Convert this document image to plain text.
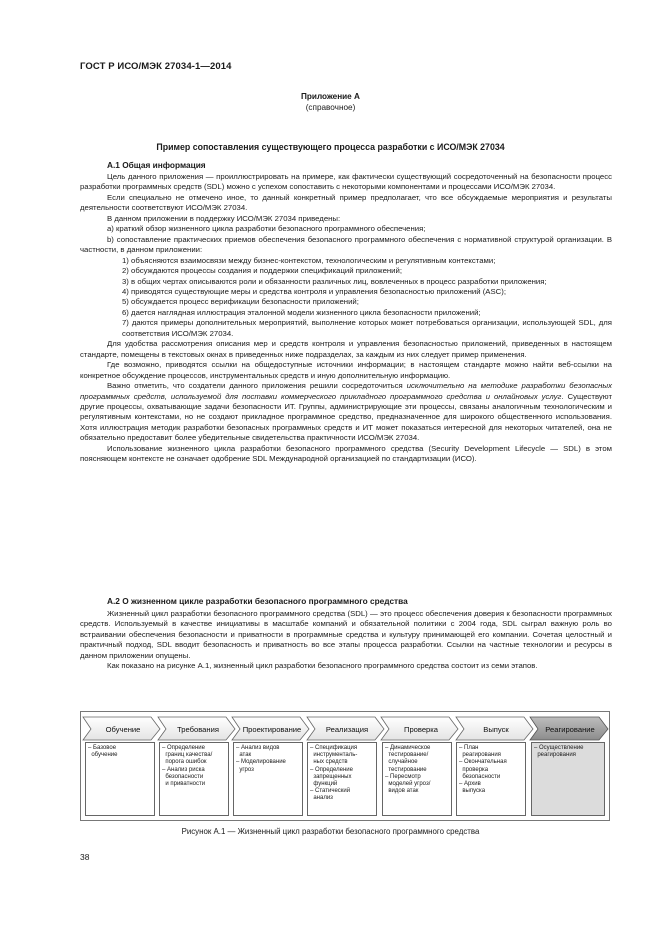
ГОСТ Р ИСО/МЭК 27034-1—2014
Приложение А
(справочное)
Пример сопоставления существующего процесса разработки с ИСО/МЭК 27034
А.1 Общая информация

Цель данного приложения — проиллюстрировать на примере, как фактически существующий сосредоточенный на безопасности процесс разработки программных средств (SDL) можно с успехом сопоставить с некоторыми компонентами и процессами ИСО/МЭК 27034.

Если специально не отмечено иное, то данный конкретный пример предполагает, что все обсуждаемые мероприятия и результаты деятельности соответствуют ИСО/МЭК 27034.

В данном приложении в поддержку ИСО/МЭК 27034 приведены:

а) краткий обзор жизненного цикла разработки безопасного программного обеспечения;

b) сопоставление практических приемов обеспечения безопасного программного обеспечения с нормативной структурой организации. В частности, в данном приложении:

1) объясняются взаимосвязи между бизнес-контекстом, технологическим и регулятивным контекстами;

2) обсуждаются процессы создания и поддержки спецификаций приложений;

3) в общих чертах описываются роли и обязанности различных лиц, вовлеченных в процесс разработки приложения;

4) приводятся существующие меры и средства контроля и управления безопасностью приложений (ASC);

5) обсуждается процесс верификации безопасности приложений;

6) дается наглядная иллюстрация эталонной модели жизненного цикла безопасности приложений;

7) даются примеры дополнительных мероприятий, выполнение которых может потребоваться организации, использующей SDL, для соответствия ИСО/МЭК 27034.

Для удобства рассмотрения описания мер и средств контроля и управления безопасностью приложений, приведенных в настоящем стандарте, помещены в текстовых окнах в приведенных ниже подразделах, за каждым из них следует пример применения.

Где возможно, приводятся ссылки на общедоступные источники информации; в настоящем стандарте можно найти веб-ссылки на конкретное обсуждение процессов, инструментальных средств и иную дополнительную информацию.

Важно отметить, что создатели данного приложения решили сосредоточиться исключительно на методике разработки безопасных программных средств, используемой для поставки коммерческого прикладного программного средства и онлайновых услуг. Существуют другие процессы, охватывающие задачи безопасности ИТ. Группы, администрирующие эти процессы, связаны аналогичным технологическим и регулятивным контекстами, но не создают прикладное программное средство, предназначенное для широкого общественного использования. Хотя иллюстрация методик разработки безопасных программных средств и ИТ может показаться интересной для некоторых читателей, она не обязательно предоставит более убедительные свидетельства практичности ИСО/МЭК 27034.

Использование жизненного цикла разработки безопасного программного средства (Security Development Lifecycle — SDL) в этом поясняющем контексте не означает одобрение SDL Международной организацией по стандартизации (ИСО).

А.2 О жизненном цикле разработки безопасного программного средства

Жизненный цикл разработки безопасного программного средства (SDL) — это процесс обеспечения доверия к безопасности программных средств. Используемый в качестве инициативы в масштабе компаний и обязательной политики с 2004 года, SDL сыграл важную роль во встраивании обеспечения безопасности и приватности в программные средства и культуру принимающей его компании. Сочетая целостный и практичный подход, SDL вводит безопасность и приватность во все этапы процесса разработки. Ссылки на частные технологии и ресурсы в данном приложении опущены.

Как показано на рисунке А.1, жизненный цикл разработки безопасного программного средства состоит из семи этапов.

Обучение	Требования	Проектирование	Реализация	Проверка	Выпуск	Реагирование
– Базовое
обучение
– Определение
границ качества/
порога ошибок
– Анализ риска
безопасности
и приватности
– Анализ видов
атак
– Моделирование
угроз
– Спецификация
инструменталь-
ных средств
– Определение
запрещенных
функций
– Статический
анализ
– Динамическое
тестирование/
случайное
тестирование
– Пересмотр
моделей угроз/
видов атак
– План
реагирования
– Окончательная
проверка
безопасности
– Архив
выпуска
– Осуществление
реагирования
Рисунок А.1 — Жизненный цикл разработки безопасного программного средства
38
